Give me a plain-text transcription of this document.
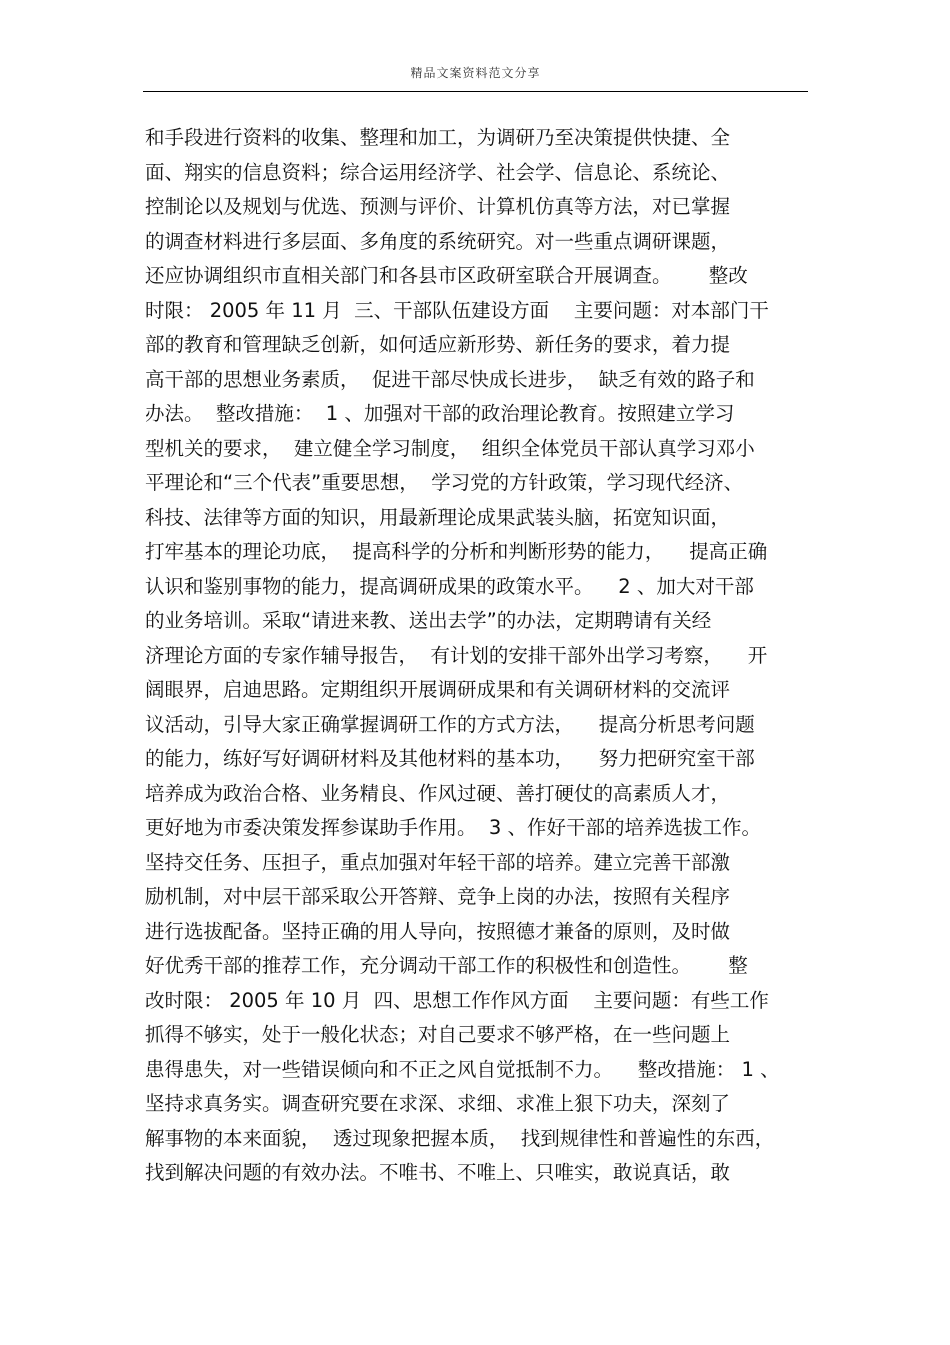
精品文案资料范文分享
和手段进行资料的收集、整理和加工，为调研乃至决策提供快捷、全
面、翔实的信息资料；综合运用经济学、社会学、信息论、系统论、
控制论以及规划与优选、预测与评价、计算机仿真等方法，对已掌握
的调查材料进行多层面、多角度的系统研究。对一些重点调研课题，
还应协调组织市直相关部门和各县市区政研室联合开展调查。      整改
时限： 2005 年 11 月  三、干部队伍建设方面    主要问题：对本部门干
部的教育和管理缺乏创新，如何适应新形势、新任务的要求，着力提
高干部的思想业务素质，  促进干部尽快成长进步，  缺乏有效的路子和
办法。  整改措施：  1 、加强对干部的政治理论教育。按照建立学习
型机关的要求，  建立健全学习制度，  组织全体党员干部认真学习邓小
平理论和“三个代表”重要思想，  学习党的方针政策，学习现代经济、
科技、法律等方面的知识，用最新理论成果武装头脑，拓宽知识面，
打牢基本的理论功底，  提高科学的分析和判断形势的能力，    提高正确
认识和鉴别事物的能力，提高调研成果的政策水平。    2 、加大对干部
的业务培训。采取“请进来教、送出去学”的办法，定期聘请有关经
济理论方面的专家作辅导报告，  有计划的安排干部外出学习考察，    开
阔眼界，启迪思路。定期组织开展调研成果和有关调研材料的交流评
议活动，引导大家正确掌握调研工作的方式方法，    提高分析思考问题
的能力，练好写好调研材料及其他材料的基本功，    努力把研究室干部
培养成为政治合格、业务精良、作风过硬、善打硬仗的高素质人才，
更好地为市委决策发挥参谋助手作用。  3 、作好干部的培养选拔工作。
坚持交任务、压担子，重点加强对年轻干部的培养。建立完善干部激
励机制，对中层干部采取公开答辩、竞争上岗的办法，按照有关程序
进行选拔配备。坚持正确的用人导向，按照德才兼备的原则，及时做
好优秀干部的推荐工作，充分调动干部工作的积极性和创造性。      整
改时限： 2005 年 10 月  四、思想工作作风方面    主要问题：有些工作
抓得不够实，处于一般化状态；对自己要求不够严格，在一些问题上
患得患失，对一些错误倾向和不正之风自觉抵制不力。    整改措施： 1 、
坚持求真务实。调查研究要在求深、求细、求准上狠下功夫，深刻了
解事物的本来面貌，  透过现象把握本质，  找到规律性和普遍性的东西，
找到解决问题的有效办法。不唯书、不唯上、只唯实，敢说真话，敢
